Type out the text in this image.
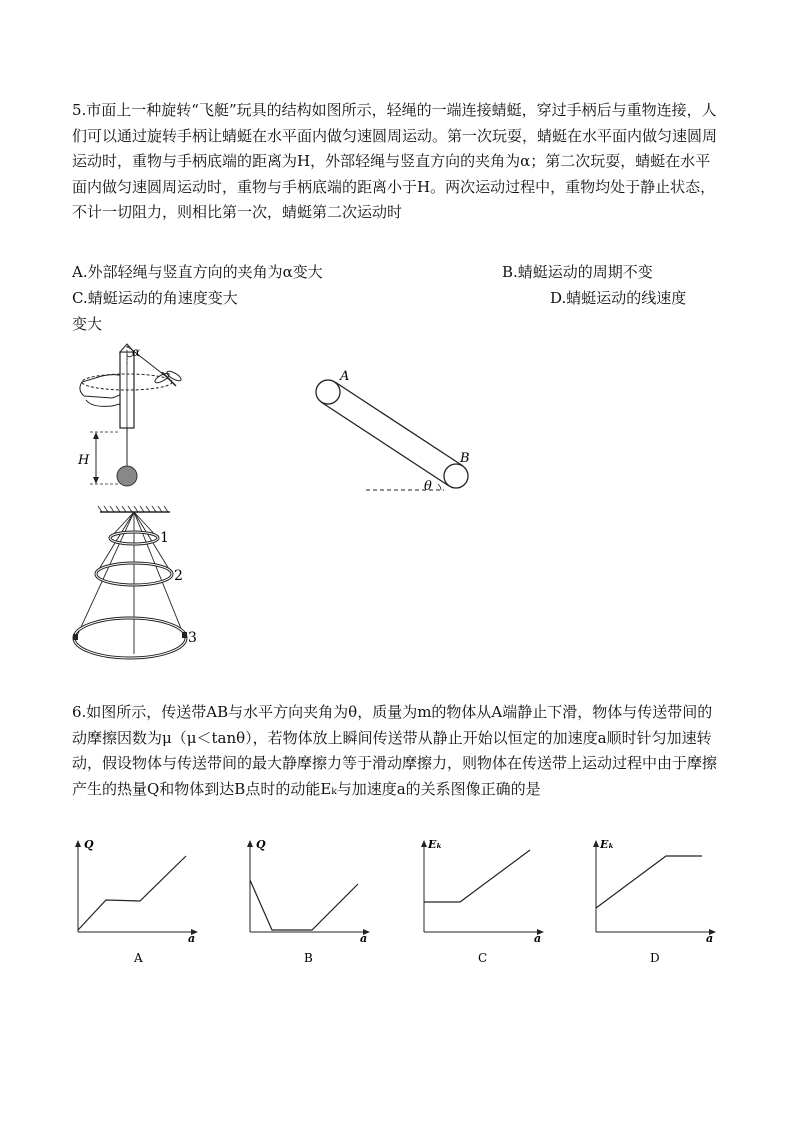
5.市面上一种旋转“飞艇”玩具的结构如图所示，轻绳的一端连接蜻蜓，穿过手柄后与重物连接，人们可以通过旋转手柄让蜻蜓在水平面内做匀速圆周运动。第一次玩耍，蜻蜓在水平面内做匀速圆周运动时，重物与手柄底端的距离为H，外部轻绳与竖直方向的夹角为α；第二次玩耍，蜻蜓在水平面内做匀速圆周运动时，重物与手柄底端的距离小于H。两次运动过程中，重物均处于静止状态，不计一切阻力，则相比第一次，蜻蜓第二次运动时
A.外部轻绳与竖直方向的夹角为α变大	B.蜻蜓运动的周期不变
C.蜻蜓运动的角速度变大	D.蜻蜓运动的线速度
变大
α
H
A
B
θ
1
2
3
6.如图所示，传送带AB与水平方向夹角为θ，质量为m的物体从A端静止下滑，物体与传送带间的动摩擦因数为μ（μ＜tanθ），若物体放上瞬间传送带从静止开始以恒定的加速度a顺时针匀加速转动，假设物体与传送带间的最大静摩擦力等于滑动摩擦力，则物体在传送带上运动过程中由于摩擦产生的热量Q和物体到达B点时的动能Eₖ与加速度a的关系图像正确的是
Q
a
A
Q
a
B
Eₖ
a
C
Eₖ
a
D
